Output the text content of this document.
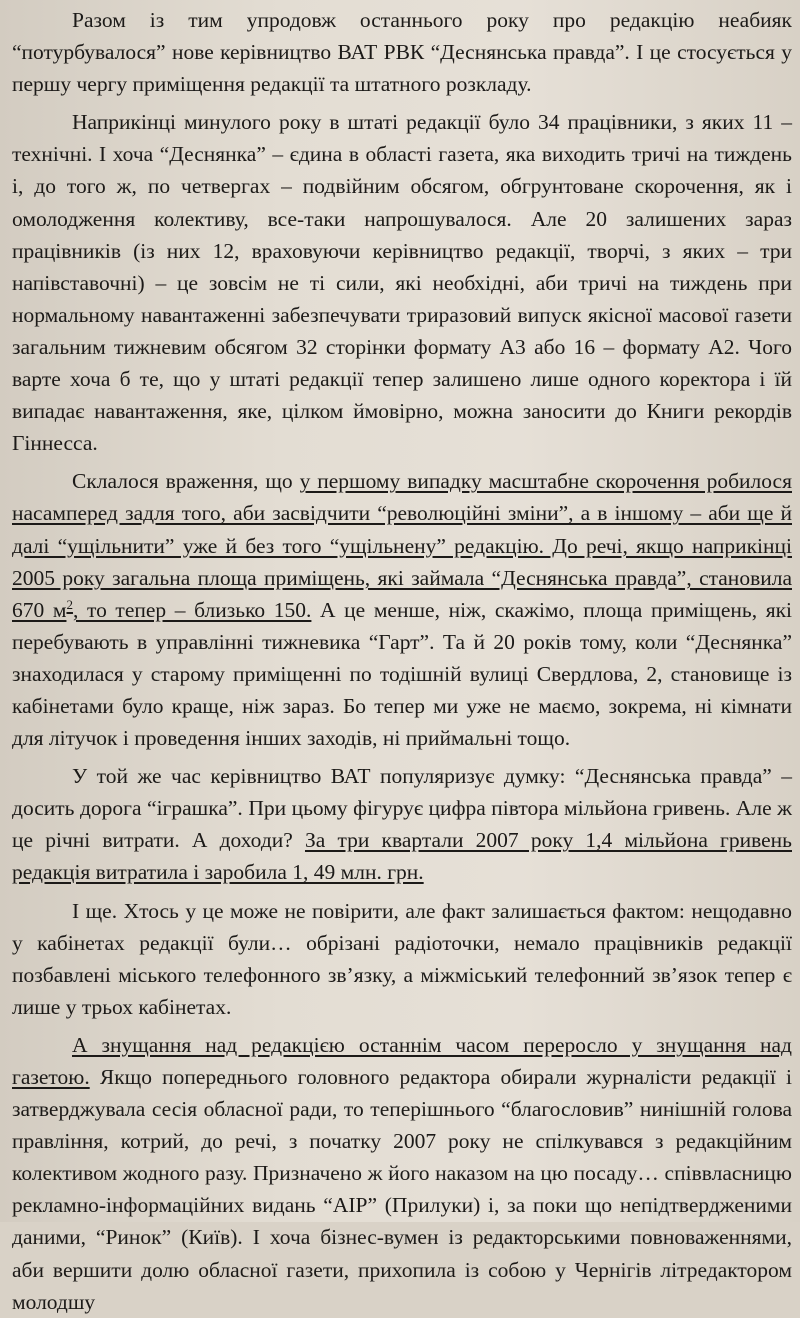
Разом із тим упродовж останнього року про редакцію неабияк “потурбувалося” нове керівництво ВАТ РВК “Деснянська правда”. І це стосується у першу чергу приміщення редакції та штатного розкладу.

Наприкінці минулого року в штаті редакції було 34 працівники, з яких 11 – технічні. І хоча “Деснянка” – єдина в області газета, яка виходить тричі на тиждень і, до того ж, по четвергах – подвійним обсягом, обгрунтоване скорочення, як і омолодження колективу, все-таки напрошувалося. Але 20 залишених зараз працівників (із них 12, враховуючи керівництво редакції, творчі, з яких – три напівставочні) – це зовсім не ті сили, які необхідні, аби тричі на тиждень при нормальному навантаженні забезпечувати триразовий випуск якісної масової газети загальним тижневим обсягом 32 сторінки формату А3 або 16 – формату А2. Чого варте хоча б те, що у штаті редакції тепер залишено лише одного коректора і їй випадає навантаження, яке, цілком ймовірно, можна заносити до Книги рекордів Гіннесса.

Склалося враження, що у першому випадку масштабне скорочення робилося насамперед задля того, аби засвідчити “революційні зміни”, а в іншому – аби ще й далі “ущільнити” уже й без того “ущільнену” редакцію. До речі, якщо наприкінці 2005 року загальна площа приміщень, які займала “Деснянська правда”, становила 670 $м^2$, то тепер – близько 150. А це менше, ніж, скажімо, площа приміщень, які перебувають в управлінні тижневика “Гарт”. Та й 20 років тому, коли “Деснянка” знаходилася у старому приміщенні по тодішній вулиці Свердлова, 2, становище із кабінетами було краще, ніж зараз. Бо тепер ми уже не маємо, зокрема, ні кімнати для літучок і проведення інших заходів, ні приймальні тощо.

У той же час керівництво ВАТ популяризує думку: “Деснянська правда” – досить дорога “іграшка”. При цьому фігурує цифра півтора мільйона гривень. Але ж це річні витрати. А доходи? За три квартали 2007 року 1,4 мільйона гривень редакція витратила і заробила 1, 49 млн. грн.

І ще. Хтось у це може не повірити, але факт залишається фактом: нещодавно у кабінетах редакції були… обрізані радіоточки, немало працівників редакції позбавлені міського телефонного зв’язку, а міжміський телефонний зв’язок тепер є лише у трьох кабінетах.

А знущання над редакцією останнім часом переросло у знущання над газетою. Якщо попереднього головного редактора обирали журналісти редакції і затверджувала сесія обласної ради, то теперішнього “благословив” нинішній голова правління, котрий, до речі, з початку 2007 року не спілкувався з редакційним колективом жодного разу. Призначено ж його наказом на цю посаду… співвласницю рекламно-інформаційних видань “АІР” (Прилуки) і, за поки що непідтвердженими даними, “Ринок” (Київ). І хоча бізнес-вумен із редакторськими повноваженнями, аби вершити долю обласної газети, прихопила із собою у Чернігів літредактором молодшу
